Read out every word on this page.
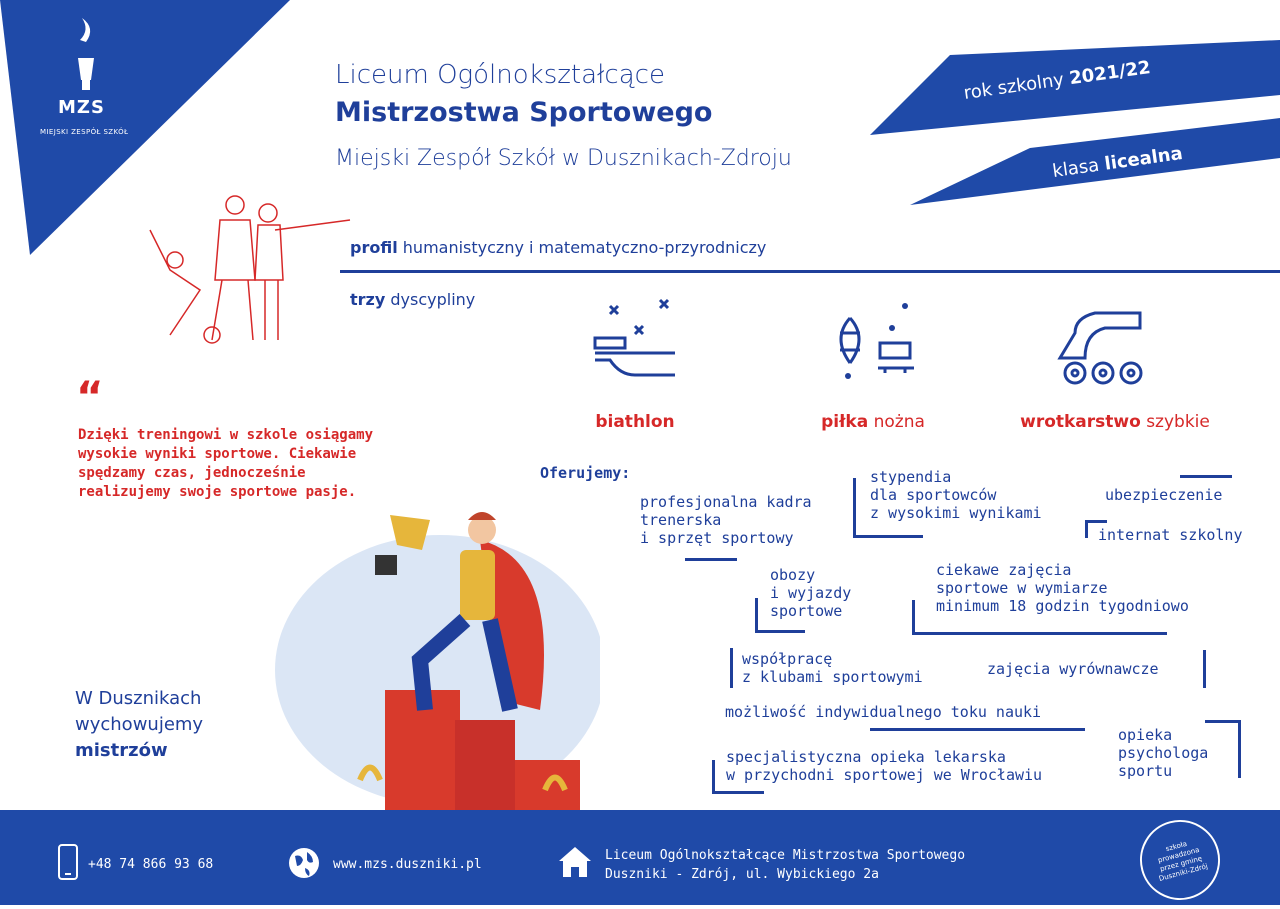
MZS
MIEJSKI ZESPÓŁ SZKÓŁ
Liceum Ogólnokształcące
Mistrzostwa Sportowego
Miejski Zespół Szkół w Dusznikach-Zdroju
rok szkolny 2021/22
klasa licealna
profil humanistyczny i matematyczno-przyrodniczy
trzy dyscypliny
biathlon	piłka nożna	wrotkarstwo szybkie
“
Dzięki treningowi w szkole osiągamy wysokie wyniki sportowe. Ciekawie spędzamy czas, jednocześnie realizujemy swoje sportowe pasje.
W Dusznikach
wychowujemy
mistrzów
Oferujemy:
profesjonalna kadra
trenerska
i sprzęt sportowy
stypendia
dla sportowców
z wysokimi wynikami
ubezpieczenie
internat szkolny
obozy
i wyjazdy
sportowe
ciekawe zajęcia
sportowe w wymiarze
minimum 18 godzin tygodniowo
współpracę
z klubami sportowymi	zajęcia wyrównawcze
możliwość indywidualnego toku nauki
opieka
psychologa
sportu
specjalistyczna opieka lekarska
w przychodni sportowej we Wrocławiu
+48 74 866 93 68	www.mzs.duszniki.pl
Liceum Ogólnokształcące Mistrzostwa Sportowego
Duszniki - Zdrój, ul. Wybickiego 2a
szkoła prowadzona przez gminę Duszniki-Zdrój
